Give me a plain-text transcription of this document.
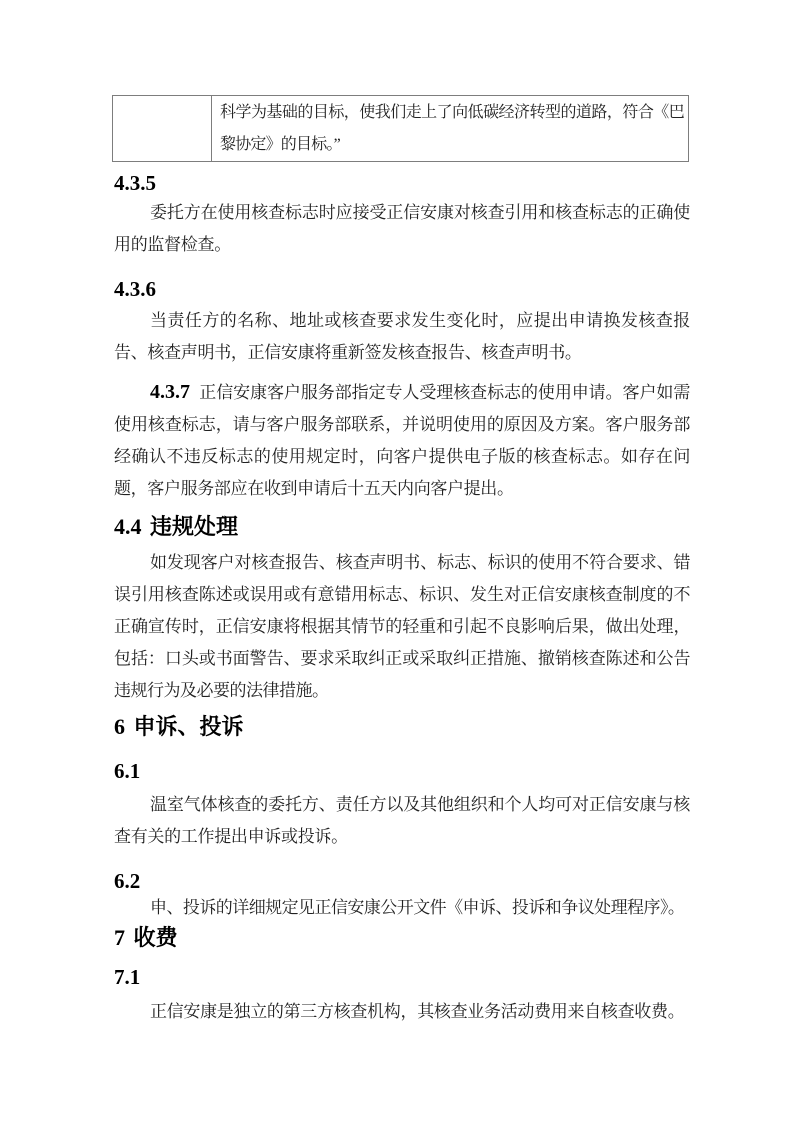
	科学为基础的目标，使我们走上了向低碳经济转型的道路，符合《巴黎协定》的目标。”
4.3.5
委托方在使用核查标志时应接受正信安康对核查引用和核查标志的正确使用的监督检查。
4.3.6
当责任方的名称、地址或核查要求发生变化时，应提出申请换发核查报告、核查声明书，正信安康将重新签发核查报告、核查声明书。
4.3.7 正信安康客户服务部指定专人受理核查标志的使用申请。客户如需使用核查标志，请与客户服务部联系，并说明使用的原因及方案。客户服务部经确认不违反标志的使用规定时，向客户提供电子版的核查标志。如存在问题，客户服务部应在收到申请后十五天内向客户提出。
4.4 违规处理
如发现客户对核查报告、核查声明书、标志、标识的使用不符合要求、错误引用核查陈述或误用或有意错用标志、标识、发生对正信安康核查制度的不正确宣传时，正信安康将根据其情节的轻重和引起不良影响后果，做出处理，包括：口头或书面警告、要求采取纠正或采取纠正措施、撤销核查陈述和公告违规行为及必要的法律措施。
6 申诉、投诉
6.1
温室气体核查的委托方、责任方以及其他组织和个人均可对正信安康与核查有关的工作提出申诉或投诉。
6.2
申、投诉的详细规定见正信安康公开文件《申诉、投诉和争议处理程序》。
7 收费
7.1
正信安康是独立的第三方核查机构，其核查业务活动费用来自核查收费。
